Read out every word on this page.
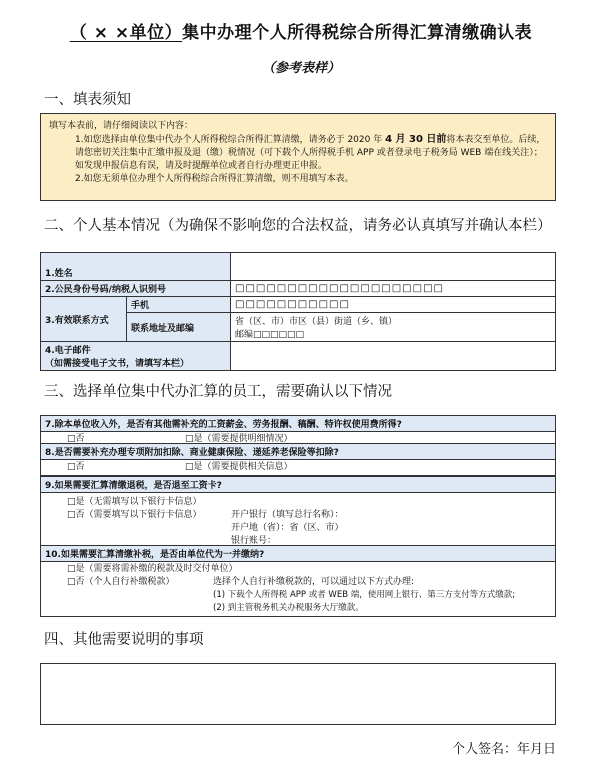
（ × ×单位）集中办理个人所得税综合所得汇算清缴确认表
（参考表样）
一、填表须知

填写本表前，请仔细阅读以下内容：

1.如您选择由单位集中代办个人所得税综合所得汇算清缴，请务必于 2020 年 4 月 30 日前将本表交至单位。后续，请您密切关注集中汇缴申报及退（缴）税情况（可下载个人所得税手机 APP 或者登录电子税务局 WEB 端在线关注）；如发现申报信息有误，请及时提醒单位或者自行办理更正申报。

2.如您无须单位办理个人所得税综合所得汇算清缴，则不用填写本表。

二、个人基本情况（为确保不影响您的合法权益，请务必认真填写并确认本栏）
1.姓名		
2.公民身份号码/纳税人识别号		□□□□□□□□□□□□□□□□□□□□
3.有效联系方式	手机	□□□□□□□□□□□
	联系地址及邮编	省（区、市）市区（县）街道（乡、镇）
邮编□□□□□□

4.电子邮件
（如需接受电子文书，请填写本栏）		

三、选择单位集中代办汇算的员工，需要确认以下情况
7.除本单位收入外，是否有其他需补充的工资薪金、劳务报酬、稿酬、特许权使用费所得?

□否	□是（需要提供明细情况）
8.是否需要补充办理专项附加扣除、商业健康保险、递延养老保险等扣除?

□否	□是（需要提供相关信息）
9.如果需要汇算清缴退税，是否退至工资卡?

□是（无需填写以下银行卡信息）
□否（需要填写以下银行卡信息）	开户银行（填写总行名称）：
开户地（省）：省（区、市）
银行账号：
10.如果需要汇算清缴补税，是否由单位代为一并缴纳?

□是（需要将需补缴的税款及时交付单位）
□否（个人自行补缴税款）	选择个人自行补缴税款的，可以通过以下方式办理:
(1) 下载个人所得税 APP 或者 WEB 端，使用网上银行、第三方支付等方式缴款;
(2) 到主管税务机关办税服务大厅缴款。
四、其他需要说明的事项
个人签名：年月日
